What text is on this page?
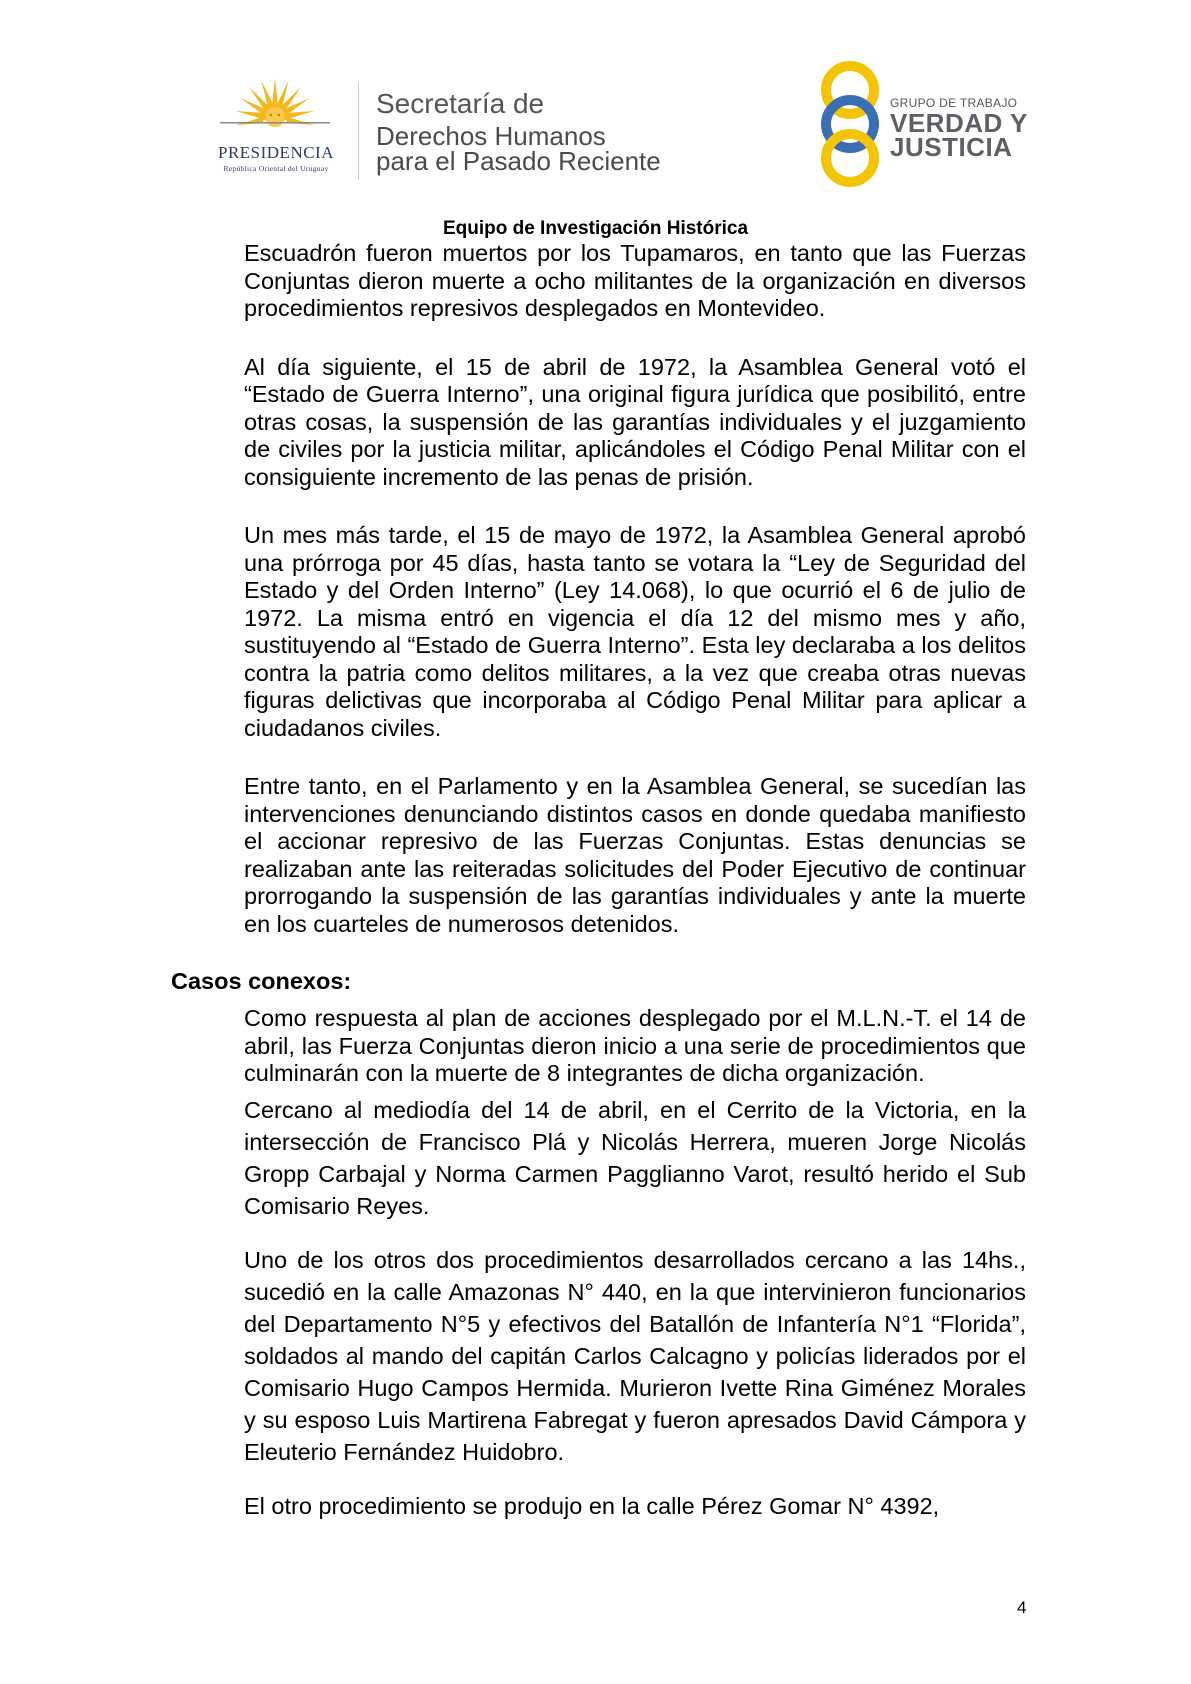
PRESIDENCIA
República Oriental del Uruguay
Secretaría de
Derechos Humanos
para el Pasado Reciente
GRUPO DE TRABAJO
VERDAD Y
JUSTICIA
Equipo de Investigación Histórica

Escuadrón fueron muertos por los Tupamaros, en tanto que las Fuerzas Conjuntas dieron muerte a ocho militantes de la organización en diversos procedimientos represivos desplegados en Montevideo.

Al día siguiente, el 15 de abril de 1972, la Asamblea General votó el “Estado de Guerra Interno”, una original figura jurídica que posibilitó, entre otras cosas, la suspensión de las garantías individuales y el juzgamiento de civiles por la justicia militar, aplicándoles el Código Penal Militar con el consiguiente incremento de las penas de prisión.

Un mes más tarde, el 15 de mayo de 1972, la Asamblea General aprobó una prórroga por 45 días, hasta tanto se votara la “Ley de Seguridad del Estado y del Orden Interno” (Ley 14.068), lo que ocurrió el 6 de julio de 1972. La misma entró en vigencia el día 12 del mismo mes y año, sustituyendo al “Estado de Guerra Interno”. Esta ley declaraba a los delitos contra la patria como delitos militares, a la vez que creaba otras nuevas figuras delictivas que incorporaba al Código Penal Militar para aplicar a ciudadanos civiles.

Entre tanto, en el Parlamento y en la Asamblea General, se sucedían las intervenciones denunciando distintos casos en donde quedaba manifiesto el accionar represivo de las Fuerzas Conjuntas. Estas denuncias se realizaban ante las reiteradas solicitudes del Poder Ejecutivo de continuar prorrogando la suspensión de las garantías individuales y ante la muerte en los cuarteles de numerosos detenidos.

Casos conexos:

Como respuesta al plan de acciones desplegado por el M.L.N.-T. el 14 de abril, las Fuerza Conjuntas dieron inicio a una serie de procedimientos que culminarán con la muerte de 8 integrantes de dicha organización.

Cercano al mediodía del 14 de abril, en el Cerrito de la Victoria, en la intersección de Francisco Plá y Nicolás Herrera, mueren Jorge Nicolás Gropp Carbajal y Norma Carmen Pagglianno Varot, resultó herido el Sub Comisario Reyes.

Uno de los otros dos procedimientos desarrollados cercano a las 14hs., sucedió en la calle Amazonas N° 440, en la que intervinieron funcionarios del Departamento N°5 y efectivos del Batallón de Infantería N°1 “Florida”, soldados al mando del capitán Carlos Calcagno y policías liderados por el Comisario Hugo Campos Hermida. Murieron Ivette Rina Giménez Morales y su esposo Luis Martirena Fabregat y fueron apresados David Cámpora y Eleuterio Fernández Huidobro.

El otro procedimiento se produjo en la calle Pérez Gomar N° 4392,

4
